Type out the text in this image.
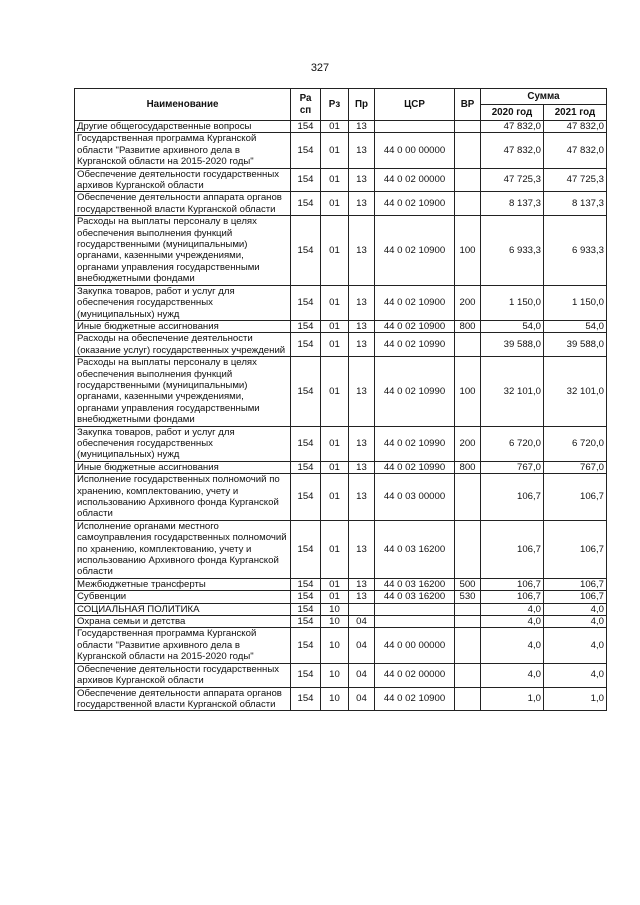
327
Наименование	Ра сп	Рз	Пр	ЦСР	ВР	Сумма	
						2020 год	2021 год
Другие общегосударственные вопросы	154	01	13			47 832,0	47 832,0
Государственная программа Курганской области "Развитие архивного дела в Курганской области на 2015-2020 годы"	154	01	13	44 0 00 00000		47 832,0	47 832,0
Обеспечение деятельности государственных архивов Курганской области	154	01	13	44 0 02 00000		47 725,3	47 725,3
Обеспечение деятельности аппарата органов государственной власти Курганской области	154	01	13	44 0 02 10900		8 137,3	8 137,3
Расходы на выплаты персоналу в целях обеспечения выполнения функций государственными (муниципальными) органами, казенными учреждениями, органами управления государственными внебюджетными фондами	154	01	13	44 0 02 10900	100	6 933,3	6 933,3
Закупка товаров, работ и услуг для обеспечения государственных (муниципальных) нужд	154	01	13	44 0 02 10900	200	1 150,0	1 150,0
Иные бюджетные ассигнования	154	01	13	44 0 02 10900	800	54,0	54,0
Расходы на обеспечение деятельности (оказание услуг) государственных учреждений	154	01	13	44 0 02 10990		39 588,0	39 588,0
Расходы на выплаты персоналу в целях обеспечения выполнения функций государственными (муниципальными) органами, казенными учреждениями, органами управления государственными внебюджетными фондами	154	01	13	44 0 02 10990	100	32 101,0	32 101,0
Закупка товаров, работ и услуг для обеспечения государственных (муниципальных) нужд	154	01	13	44 0 02 10990	200	6 720,0	6 720,0
Иные бюджетные ассигнования	154	01	13	44 0 02 10990	800	767,0	767,0
Исполнение государственных полномочий по хранению, комплектованию, учету и использованию Архивного фонда Курганской области	154	01	13	44 0 03 00000		106,7	106,7
Исполнение органами местного самоуправления государственных полномочий по хранению, комплектованию, учету и использованию Архивного фонда Курганской области	154	01	13	44 0 03 16200		106,7	106,7
Межбюджетные трансферты	154	01	13	44 0 03 16200	500	106,7	106,7
Субвенции	154	01	13	44 0 03 16200	530	106,7	106,7
СОЦИАЛЬНАЯ ПОЛИТИКА	154	10				4,0	4,0
Охрана семьи и детства	154	10	04			4,0	4,0
Государственная программа Курганской области "Развитие архивного дела в Курганской области на 2015-2020 годы"	154	10	04	44 0 00 00000		4,0	4,0
Обеспечение деятельности государственных архивов Курганской области	154	10	04	44 0 02 00000		4,0	4,0
Обеспечение деятельности аппарата органов государственной власти Курганской области	154	10	04	44 0 02 10900		1,0	1,0
